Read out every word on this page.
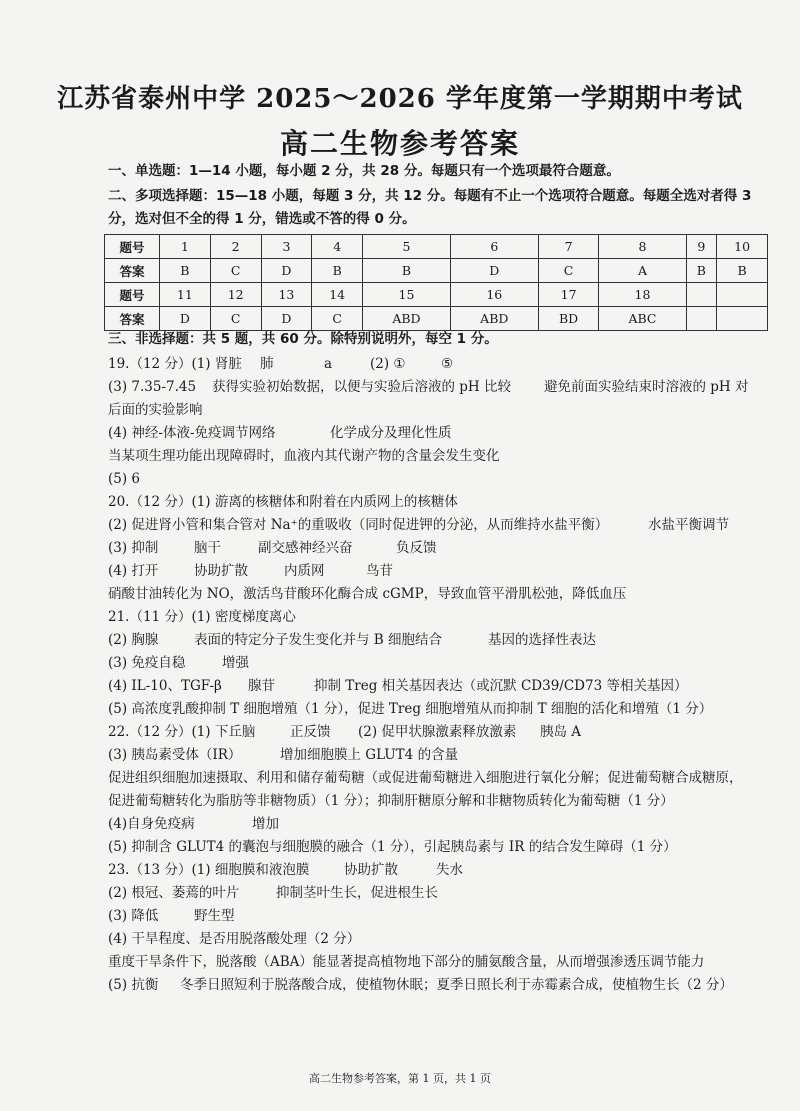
江苏省泰州中学 2025～2026 学年度第一学期期中考试
高二生物参考答案
一、单选题：1—14 小题，每小题 2 分，共 28 分。每题只有一个选项最符合题意。
二、多项选择题：15—18 小题，每题 3 分，共 12 分。每题有不止一个选项符合题意。每题全选对者得 3
分，选对但不全的得 1 分，错选或不答的得 0 分。
题号	1	2	3	4	5	6	7	8	9	10
答案	B	C	D	B	B	D	C	A	B	B
题号	11	12	13	14	15	16	17	18		
答案	D	C	D	C	ABD	ABD	BD	ABC		
三、非选择题：共 5 题，共 60 分。除特别说明外，每空 1 分。
19.（12 分）(1) 肾脏 肺	a	(2) ①	⑤
(3) 7.35-7.45 获得实验初始数据，以便与实验后溶液的 pH 比较 避免前面实验结束时溶液的 pH 对
后面的实验影响
(4) 神经-体液-免疫调节网络	化学成分及理化性质
当某项生理功能出现障碍时，血液内其代谢产物的含量会发生变化
(5) 6
20.（12 分）(1) 游离的核糖体和附着在内质网上的核糖体
(2) 促进肾小管和集合管对 Na⁺的重吸收（同时促进钾的分泌，从而维持水盐平衡）	水盐平衡调节
(3) 抑制	脑干	副交感神经兴奋	负反馈
(4) 打开	协助扩散	内质网	鸟苷
硝酸甘油转化为 NO，激活鸟苷酸环化酶合成 cGMP，导致血管平滑肌松弛，降低血压
21.（11 分）(1) 密度梯度离心
(2) 胸腺	表面的特定分子发生变化并与 B 细胞结合	基因的选择性表达
(3) 免疫自稳	增强
(4) IL-10、TGF-β 腺苷	抑制 Treg 相关基因表达（或沉默 CD39/CD73 等相关基因）
(5) 高浓度乳酸抑制 T 细胞增殖（1 分），促进 Treg 细胞增殖从而抑制 T 细胞的活化和增殖（1 分）
22.（12 分）(1) 下丘脑	正反馈 (2) 促甲状腺激素释放激素 胰岛 A
(3) 胰岛素受体（IR）	增加细胞膜上 GLUT4 的含量
促进组织细胞加速摄取、利用和储存葡萄糖（或促进葡萄糖进入细胞进行氧化分解；促进葡萄糖合成糖原，
促进葡萄糖转化为脂肪等非糖物质）（1 分）；抑制肝糖原分解和非糖物质转化为葡萄糖（1 分）
(4)自身免疫病	增加
(5) 抑制含 GLUT4 的囊泡与细胞膜的融合（1 分），引起胰岛素与 IR 的结合发生障碍（1 分）
23.（13 分）(1) 细胞膜和液泡膜	协助扩散	失水
(2) 根冠、萎蔫的叶片	抑制茎叶生长，促进根生长
(3) 降低	野生型
(4) 干旱程度、是否用脱落酸处理（2 分）
重度干旱条件下，脱落酸（ABA）能显著提高植物地下部分的脯氨酸含量，从而增强渗透压调节能力
(5) 抗衡 冬季日照短利于脱落酸合成，使植物休眠；夏季日照长利于赤霉素合成，使植物生长（2 分）
高二生物参考答案，第 1 页，共 1 页
